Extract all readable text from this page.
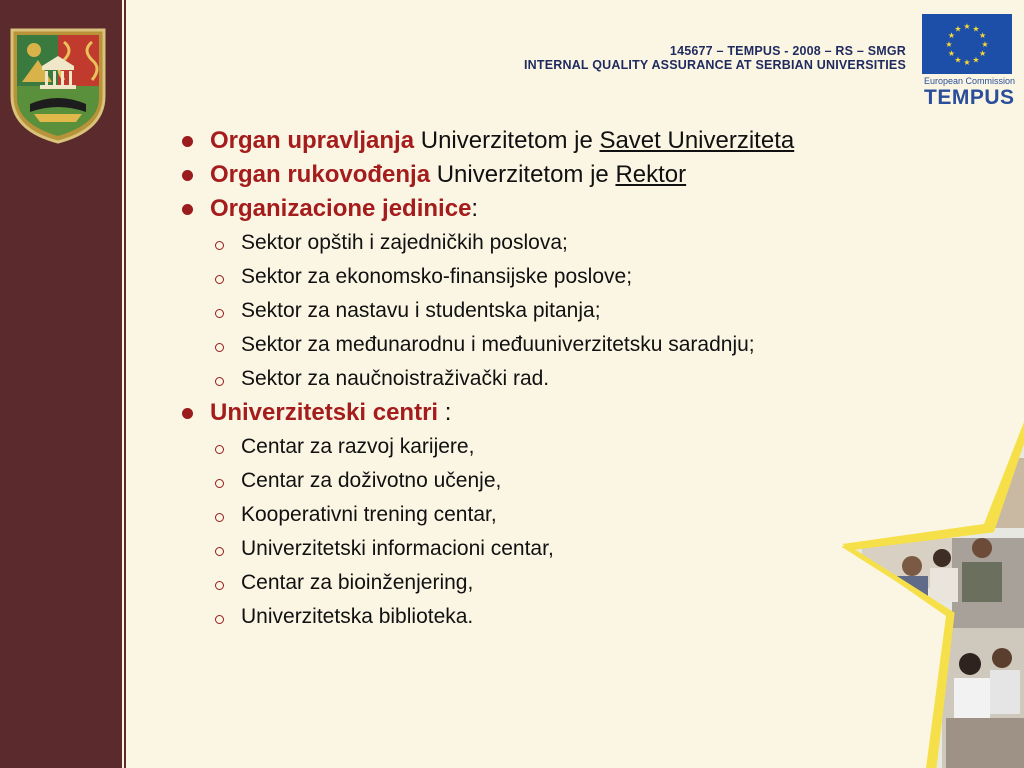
145677 – TEMPUS - 2008 – RS – SMGR
INTERNAL QUALITY ASSURANCE AT SERBIAN UNIVERSITIES
★ ★
★
★
★
★
★
★
★
★
★
★
European Commission
TEMPUS
Organ upravljanja Univerzitetom je Savet Univerziteta
Organ rukovođenja Univerzitetom je Rektor
Organizacione jedinice:
Sektor opštih i zajedničkih poslova;
Sektor za ekonomsko-finansijske poslove;
Sektor za nastavu i studentska pitanja;
Sektor za međunarodnu i međuuniverzitetsku saradnju;
Sektor za naučnoistraživački rad.
Univerzitetski centri :
Centar za razvoj karijere,
Centar za doživotno učenje,
Kooperativni trening centar,
Univerzitetski informacioni centar,
Centar za bioinženjering,
Univerzitetska biblioteka.
